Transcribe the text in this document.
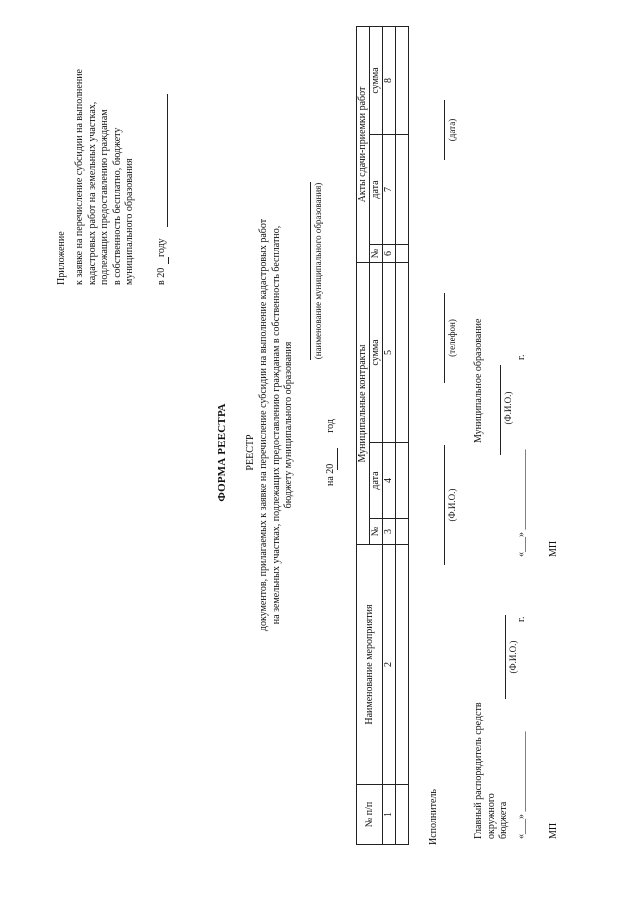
Приложение к заявке на перечисление субсидии на выполнение кадастровых работ на земельных участках, подлежащих предоставлению гражданам в собственность бесплатно, бюджету муниципального образования в 20
году
ФОРМА РЕЕСТРА РЕЕСТР документов, прилагаемых к заявке на перечисление субсидии на выполнение кадастровых работ на земельных участках, подлежащих предоставлению гражданам в собственность бесплатно, бюджету муниципального образования
(наименование муниципального образования)
на 20  год
№ п/п	Наименование мероприятия	Муниципальные контракты			Акты сдачи-приемки работ		
		№	дата	сумма	№	дата	сумма
1	2	3	4	5	6	7	8

Исполнитель
(Ф.И.О.)
(телефон)
(дата)
Главный распорядитель средств окружного бюджета
(Ф.И.О.)
«___» ________________
г.
МП
Муниципальное образование (Ф.И.О.)
«___» ________________
г.
МП
